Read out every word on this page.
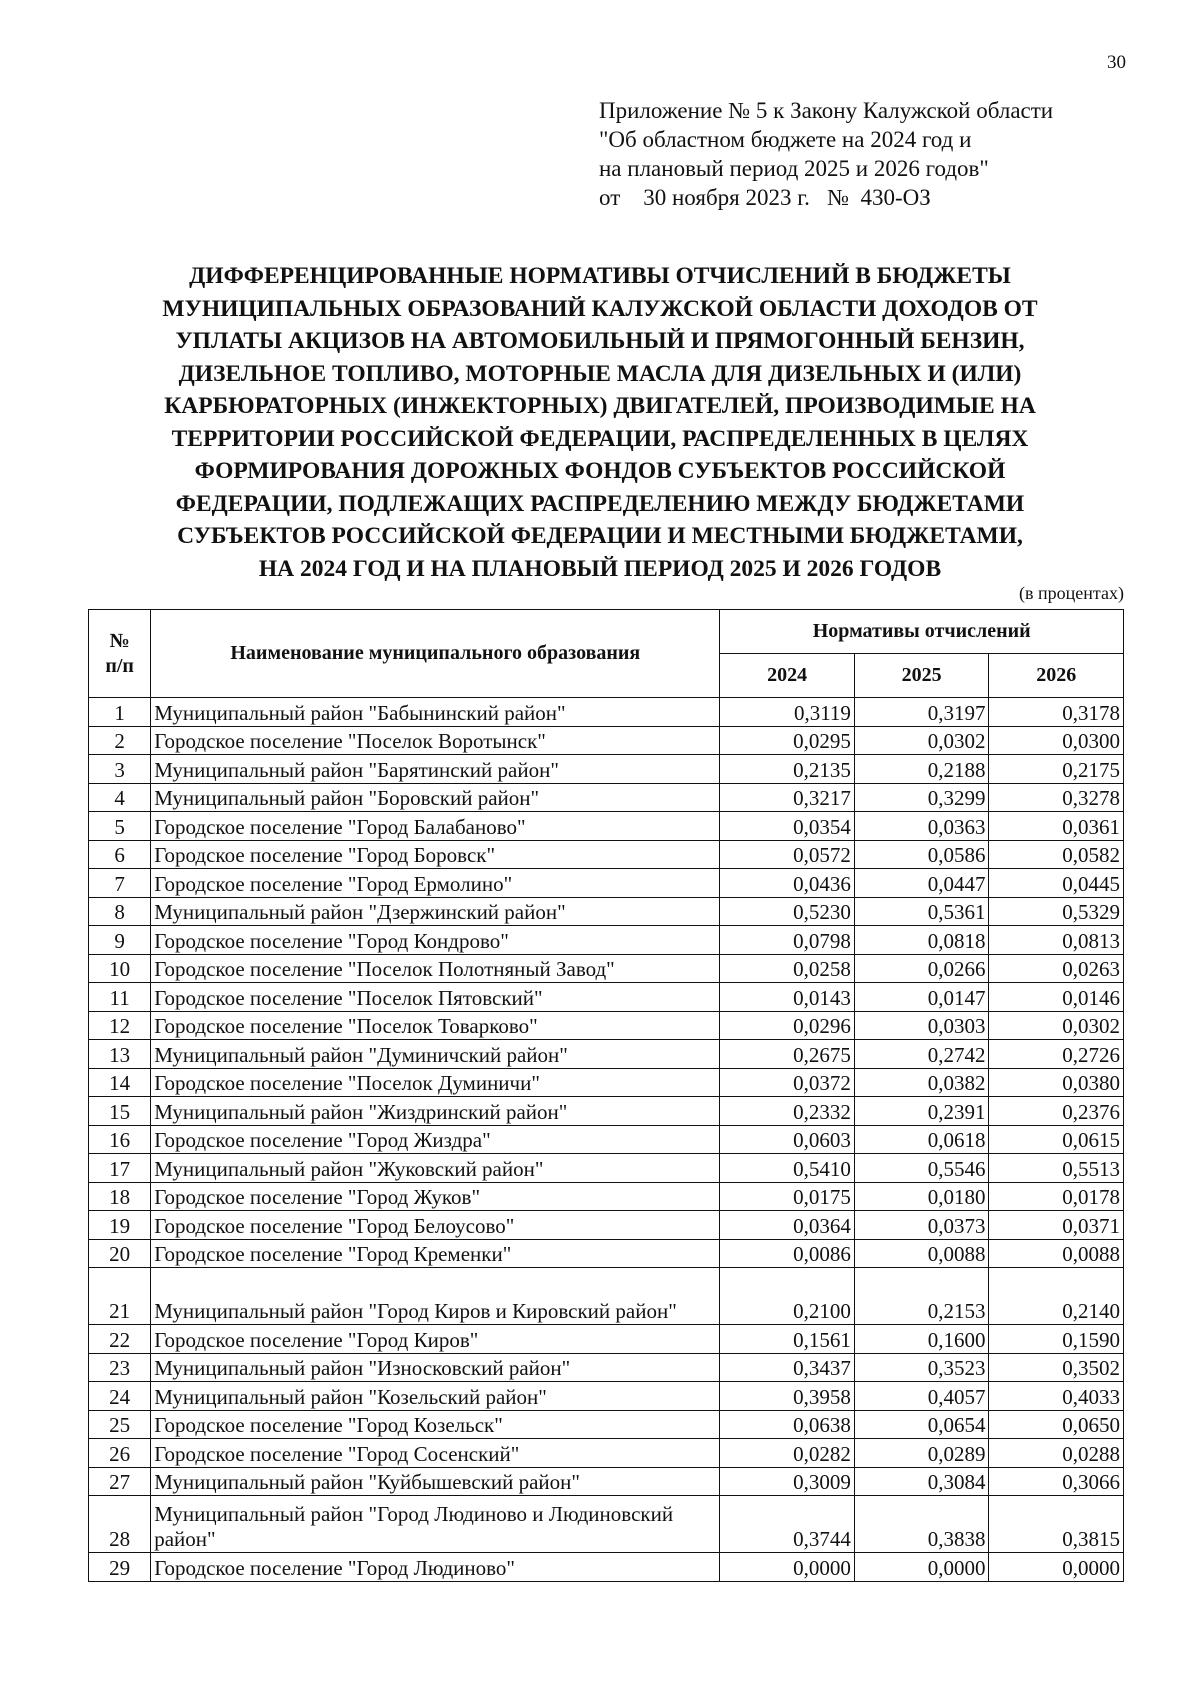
30
Приложение № 5 к Закону Калужской области
"Об областном бюджете на 2024 год и
на плановый период 2025 и 2026 годов"
от    30 ноября 2023 г.   №  430-ОЗ
ДИФФЕРЕНЦИРОВАННЫЕ НОРМАТИВЫ ОТЧИСЛЕНИЙ В БЮДЖЕТЫ
МУНИЦИПАЛЬНЫХ ОБРАЗОВАНИЙ КАЛУЖСКОЙ ОБЛАСТИ ДОХОДОВ ОТ
УПЛАТЫ АКЦИЗОВ НА АВТОМОБИЛЬНЫЙ И ПРЯМОГОННЫЙ БЕНЗИН,
ДИЗЕЛЬНОЕ ТОПЛИВО, МОТОРНЫЕ МАСЛА ДЛЯ ДИЗЕЛЬНЫХ И (ИЛИ)
КАРБЮРАТОРНЫХ (ИНЖЕКТОРНЫХ) ДВИГАТЕЛЕЙ, ПРОИЗВОДИМЫЕ НА
ТЕРРИТОРИИ РОССИЙСКОЙ ФЕДЕРАЦИИ, РАСПРЕДЕЛЕННЫХ В ЦЕЛЯХ
ФОРМИРОВАНИЯ ДОРОЖНЫХ ФОНДОВ СУБЪЕКТОВ РОССИЙСКОЙ
ФЕДЕРАЦИИ, ПОДЛЕЖАЩИХ РАСПРЕДЕЛЕНИЮ МЕЖДУ БЮДЖЕТАМИ
СУБЪЕКТОВ РОССИЙСКОЙ ФЕДЕРАЦИИ И МЕСТНЫМИ БЮДЖЕТАМИ,
НА 2024 ГОД И НА ПЛАНОВЫЙ ПЕРИОД 2025 И 2026 ГОДОВ
(в процентах)
№
п/п	Наименование муниципального образования	Нормативы отчислений		
		2024	2025	2026
1	Муниципальный район "Бабынинский район"	0,3119	0,3197	0,3178
2	Городское поселение "Поселок Воротынск"	0,0295	0,0302	0,0300
3	Муниципальный район "Барятинский район"	0,2135	0,2188	0,2175
4	Муниципальный район "Боровский район"	0,3217	0,3299	0,3278
5	Городское поселение "Город Балабаново"	0,0354	0,0363	0,0361
6	Городское поселение "Город Боровск"	0,0572	0,0586	0,0582
7	Городское поселение "Город Ермолино"	0,0436	0,0447	0,0445
8	Муниципальный район "Дзержинский район"	0,5230	0,5361	0,5329
9	Городское поселение "Город Кондрово"	0,0798	0,0818	0,0813
10	Городское поселение "Поселок Полотняный Завод"	0,0258	0,0266	0,0263
11	Городское поселение "Поселок Пятовский"	0,0143	0,0147	0,0146
12	Городское поселение "Поселок Товарково"	0,0296	0,0303	0,0302
13	Муниципальный район "Думиничский район"	0,2675	0,2742	0,2726
14	Городское поселение "Поселок Думиничи"	0,0372	0,0382	0,0380
15	Муниципальный район "Жиздринский район"	0,2332	0,2391	0,2376
16	Городское поселение "Город Жиздра"	0,0603	0,0618	0,0615
17	Муниципальный район "Жуковский район"	0,5410	0,5546	0,5513
18	Городское поселение "Город Жуков"	0,0175	0,0180	0,0178
19	Городское поселение "Город Белоусово"	0,0364	0,0373	0,0371
20	Городское поселение "Город Кременки"	0,0086	0,0088	0,0088
21	Муниципальный район "Город Киров и Кировский район"	0,2100	0,2153	0,2140
22	Городское поселение "Город Киров"	0,1561	0,1600	0,1590
23	Муниципальный район "Износковский район"	0,3437	0,3523	0,3502
24	Муниципальный район "Козельский район"	0,3958	0,4057	0,4033
25	Городское поселение "Город Козельск"	0,0638	0,0654	0,0650
26	Городское поселение "Город Сосенский"	0,0282	0,0289	0,0288
27	Муниципальный район "Куйбышевский район"	0,3009	0,3084	0,3066
28	Муниципальный район "Город Людиново и Людиновский район"	0,3744	0,3838	0,3815
29	Городское поселение "Город Людиново"	0,0000	0,0000	0,0000
